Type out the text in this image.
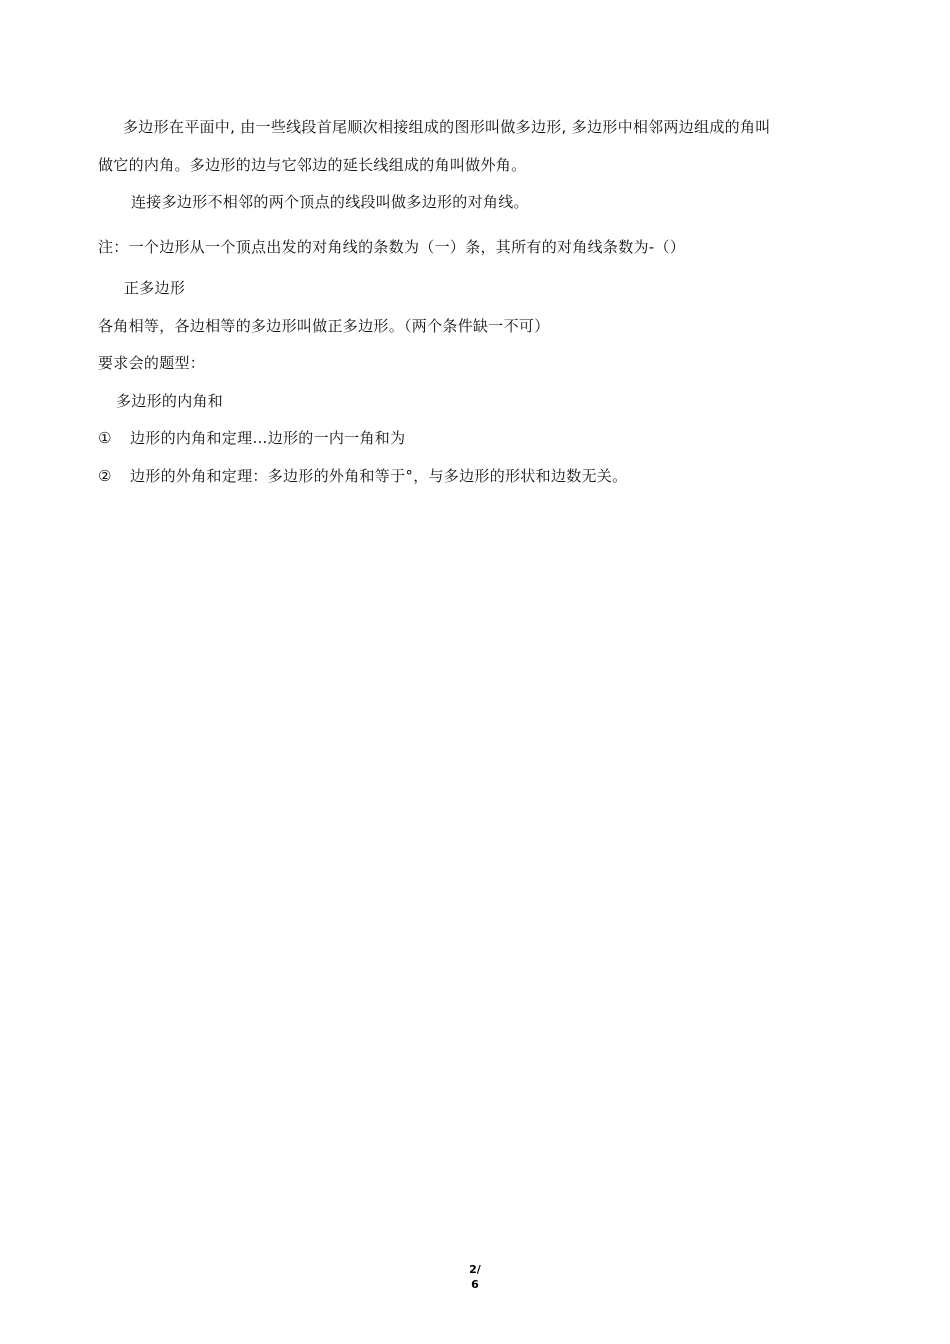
多边形在平面中, 由一些线段首尾顺次相接组成的图形叫做多边形, 多边形中相邻两边组成的角叫
做它的内角。多边形的边与它邻边的延长线组成的角叫做外角。
连接多边形不相邻的两个顶点的线段叫做多边形的对角线。
注：一个边形从一个顶点出发的对角线的条数为（一）条，其所有的对角线条数为-（）
正多边形
各角相等，各边相等的多边形叫做正多边形。（两个条件缺一不可）
要求会的题型：
多边形的内角和
① 边形的内角和定理…边形的一内一角和为
② 边形的外角和定理：多边形的外角和等于°，与多边形的形状和边数无关。
2/
6
